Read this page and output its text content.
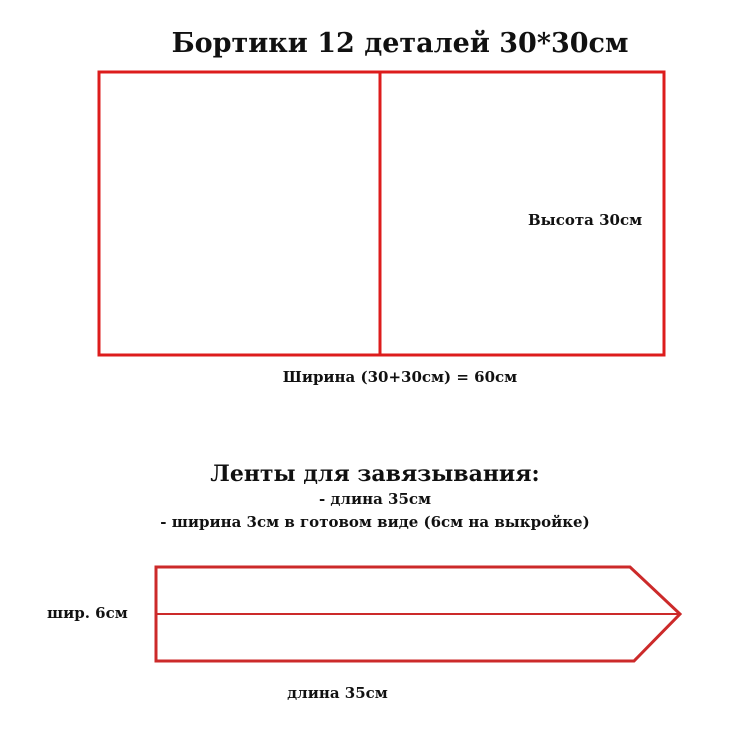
Бортики 12 деталей 30*30см
Высота 30см
Ширина (30+30см) = 60см
Ленты для завязывания:
- длина 35см
- ширина 3см в готовом виде (6см на выкройке)
шир. 6см
длина 35см
